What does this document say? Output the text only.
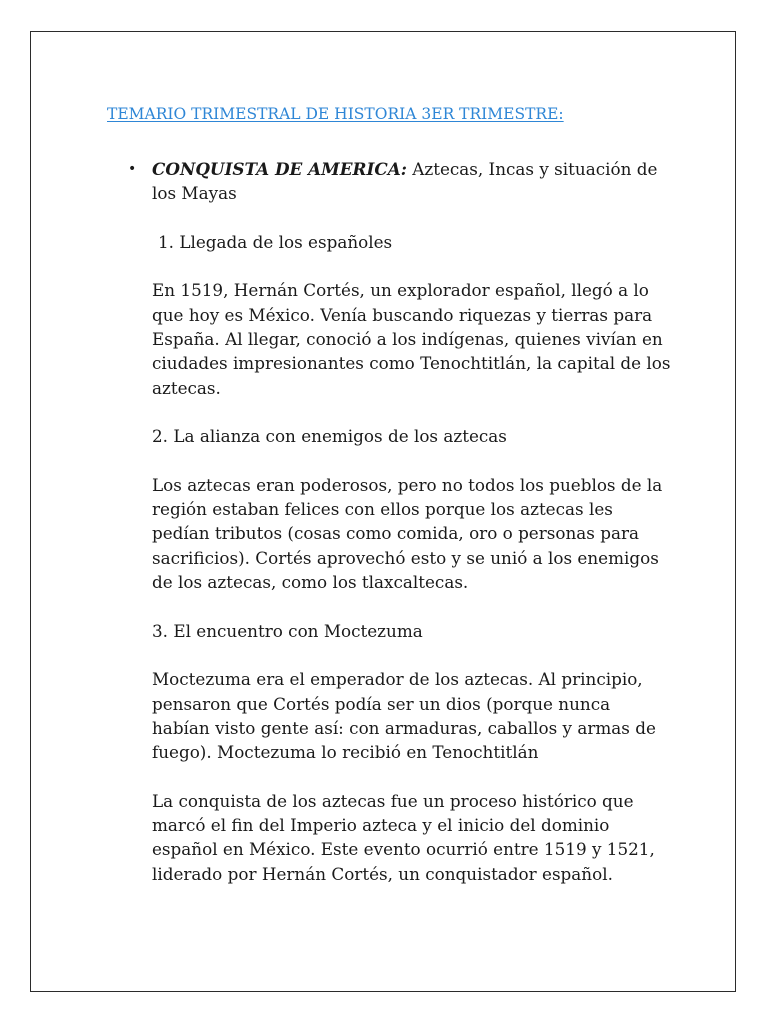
TEMARIO TRIMESTRAL DE HISTORIA 3ER TRIMESTRE:

• CONQUISTA DE AMERICA: Aztecas, Incas y situación de los Mayas

1. Llegada de los españoles

En 1519, Hernán Cortés, un explorador español, llegó a lo que hoy es México. Venía buscando riquezas y tierras para España. Al llegar, conoció a los indígenas, quienes vivían en ciudades impresionantes como Tenochtitlán, la capital de los aztecas.

2. La alianza con enemigos de los aztecas

Los aztecas eran poderosos, pero no todos los pueblos de la región estaban felices con ellos porque los aztecas les pedían tributos (cosas como comida, oro o personas para sacrificios). Cortés aprovechó esto y se unió a los enemigos de los aztecas, como los tlaxcaltecas.

3. El encuentro con Moctezuma

Moctezuma era el emperador de los aztecas. Al principio, pensaron que Cortés podía ser un dios (porque nunca habían visto gente así: con armaduras, caballos y armas de fuego). Moctezuma lo recibió en Tenochtitlán

La conquista de los aztecas fue un proceso histórico que marcó el fin del Imperio azteca y el inicio del dominio español en México. Este evento ocurrió entre 1519 y 1521, liderado por Hernán Cortés, un conquistador español.
